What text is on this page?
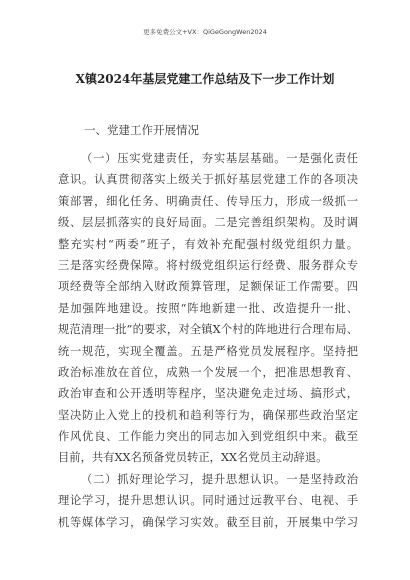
更多免费公文+VX：QiGeGongWen2024
X镇2024年基层党建工作总结及下一步工作计划
一、党建工作开展情况
（一）压实党建责任，夯实基层基础。一是强化责任
意识。认真贯彻落实上级关于抓好基层党建工作的各项决
策部署，细化任务、明确责任、传导压力，形成一级抓一
级、层层抓落实的良好局面。二是完善组织架构。及时调
整充实村“两委”班子，有效补充配强村级党组织力量。
三是落实经费保障。将村级党组织运行经费、服务群众专
项经费等全部纳入财政预算管理，足额保证工作需要。四
是加强阵地建设。按照“阵地新建一批、改造提升一批、
规范清理一批”的要求，对全镇X个村的阵地进行合理布局、
统一规范，实现全覆盖。五是严格党员发展程序。坚持把
政治标准放在首位，成熟一个发展一个，把准思想教育、
政治审查和公开透明等程序，坚决避免走过场、搞形式，
坚决防止入党上的投机和趋利等行为，确保那些政治坚定
作风优良、工作能力突出的同志加入到党组织中来。截至
目前，共有XX名预备党员转正，XX名党员主动辞退。
（二）抓好理论学习，提升思想认识。一是坚持政治
理论学习，提升思想认识。同时通过远教平台、电视、手
机等媒体学习，确保学习实效。截至目前，开展集中学习
